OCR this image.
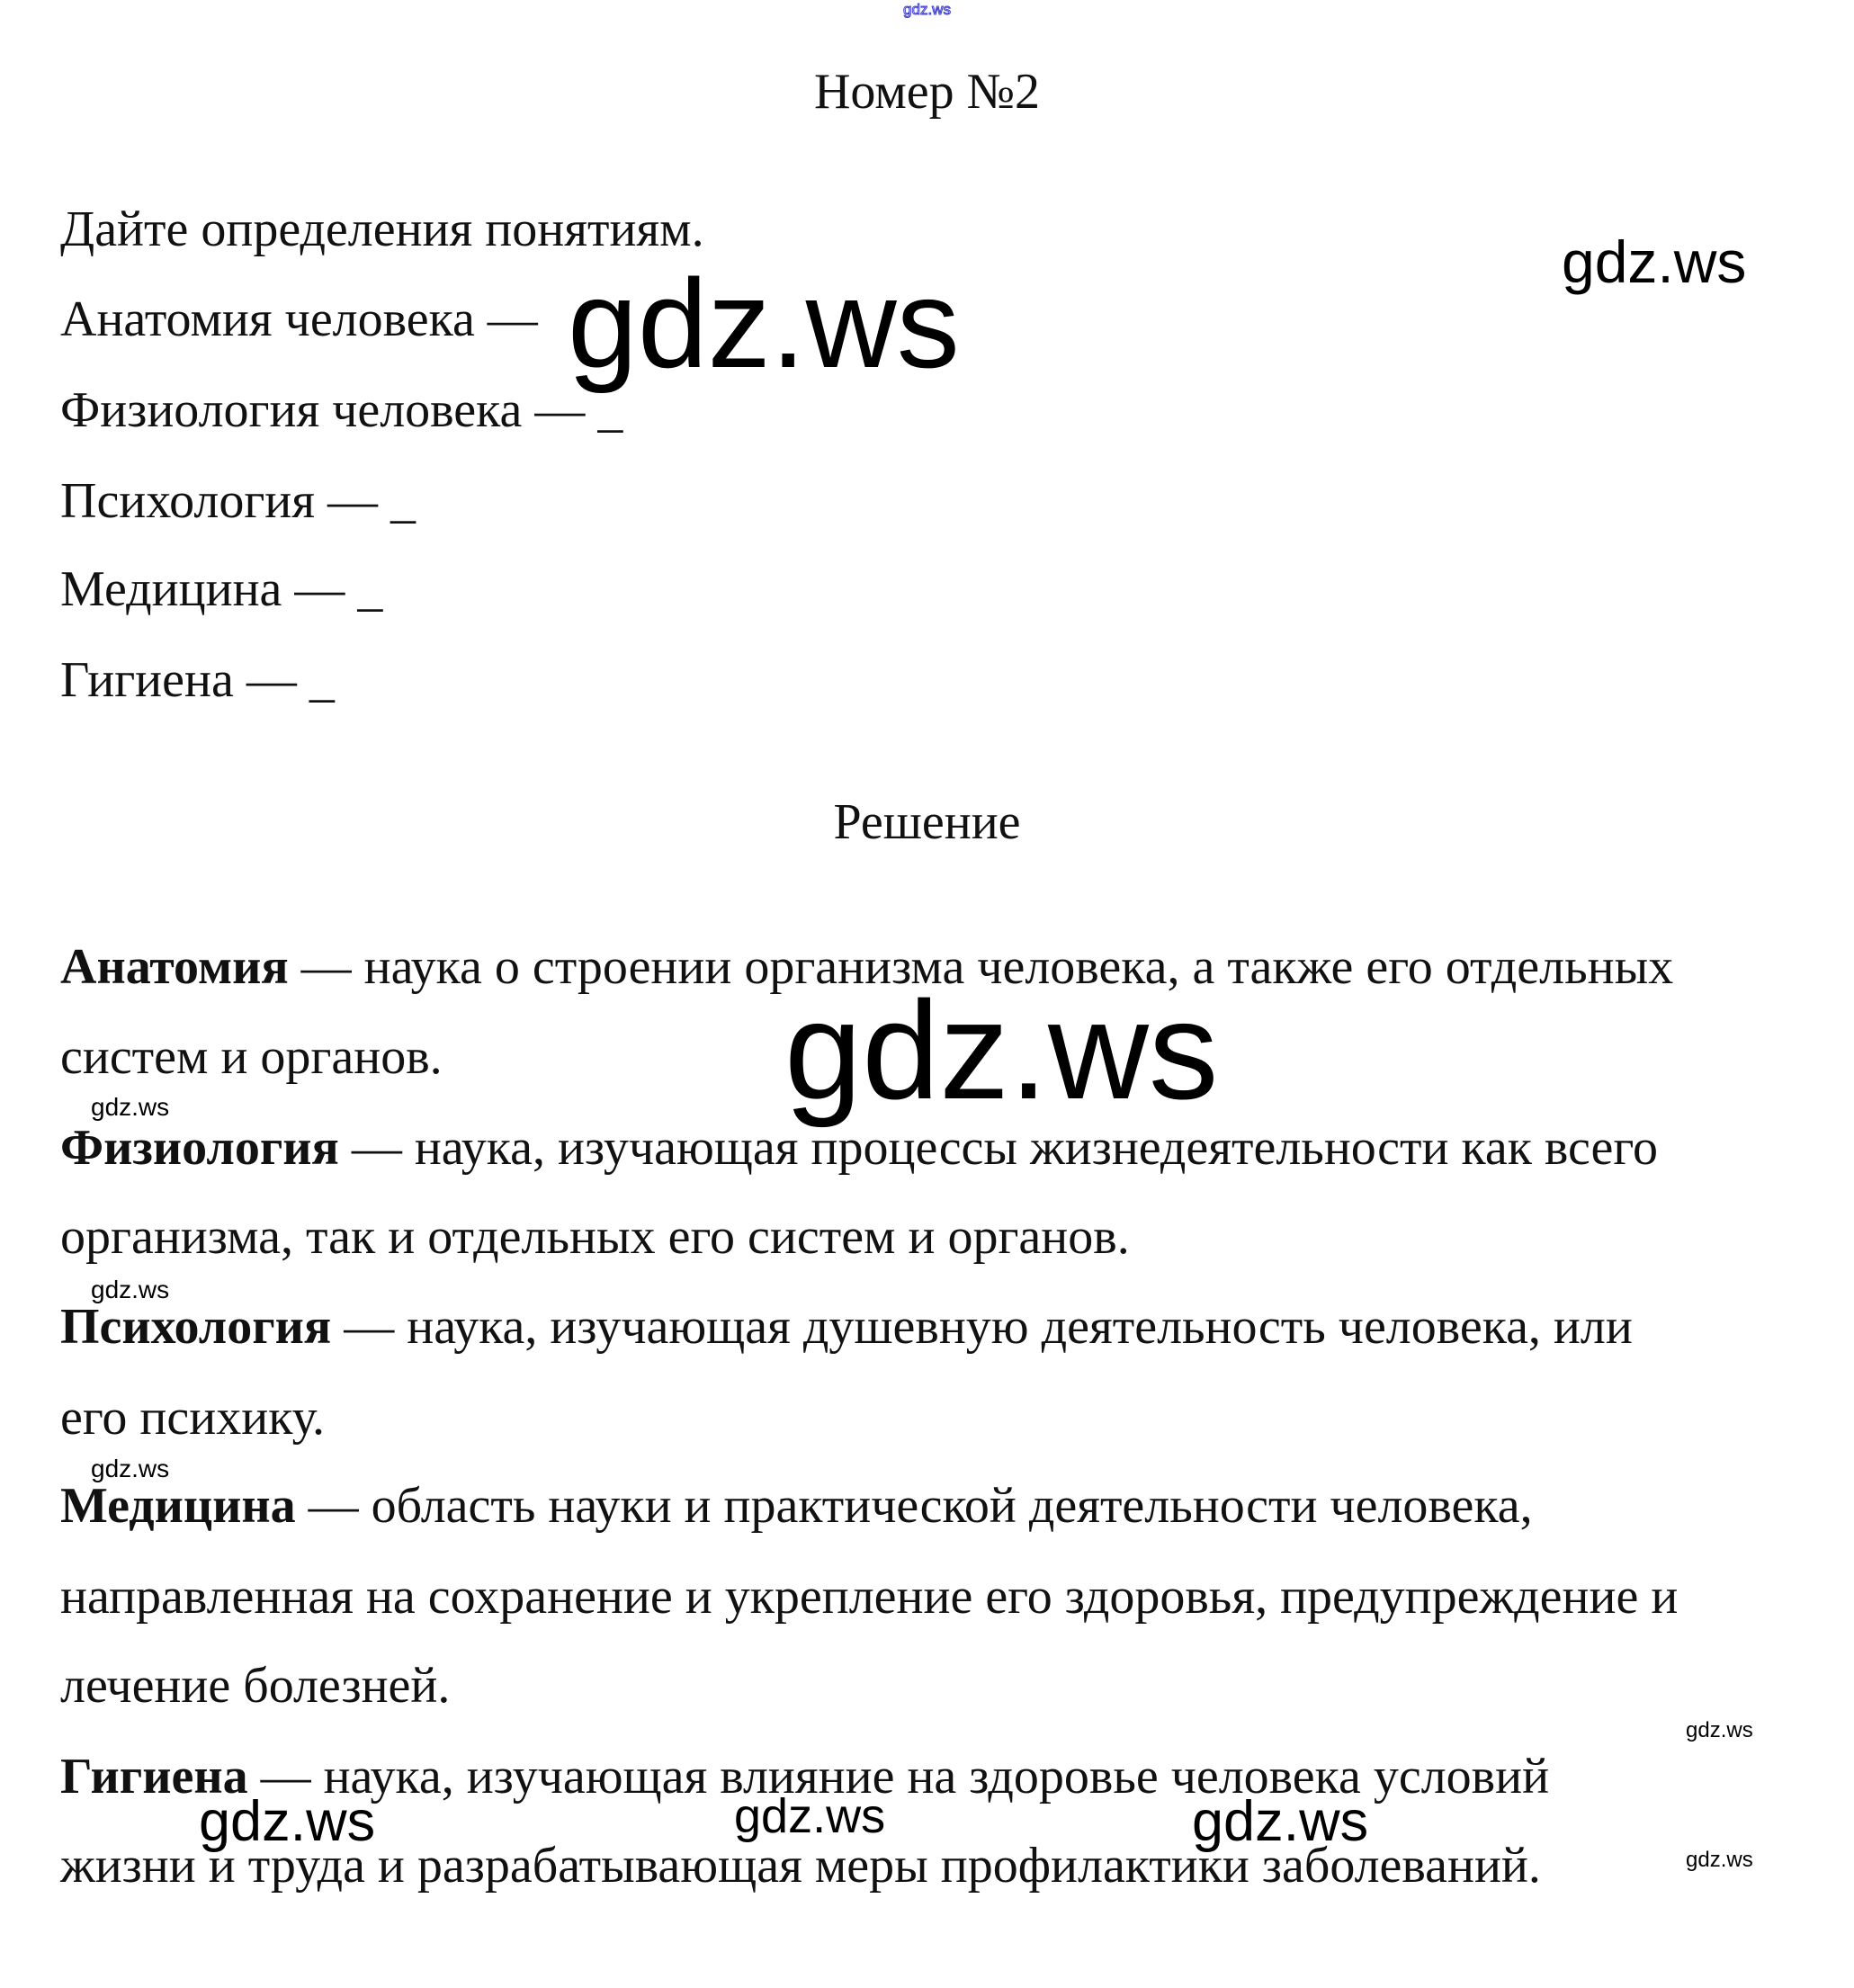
gdz.ws
Номер №2
Дайте определения понятиям.
Анатомия человека —
Физиология человека — _
Психология — _
Медицина — _
Гигиена — _
Решение
Анатомия — наука о строении организма человека, а также его отдельных
систем и органов.
Физиология — наука, изучающая процессы жизнедеятельности как всего
организма, так и отдельных его систем и органов.
Психология — наука, изучающая душевную деятельность человека, или
его психику.
Медицина — область науки и практической деятельности человека,
направленная на сохранение и укрепление его здоровья, предупреждение и
лечение болезней.
Гигиена — наука, изучающая влияние на здоровье человека условий
жизни и труда и разрабатывающая меры профилактики заболеваний.
gdz.ws	gdz.ws
gdz.ws
gdz.ws
gdz.ws
gdz.ws
gdz.ws
gdz.ws
gdz.ws	gdz.ws	gdz.ws
